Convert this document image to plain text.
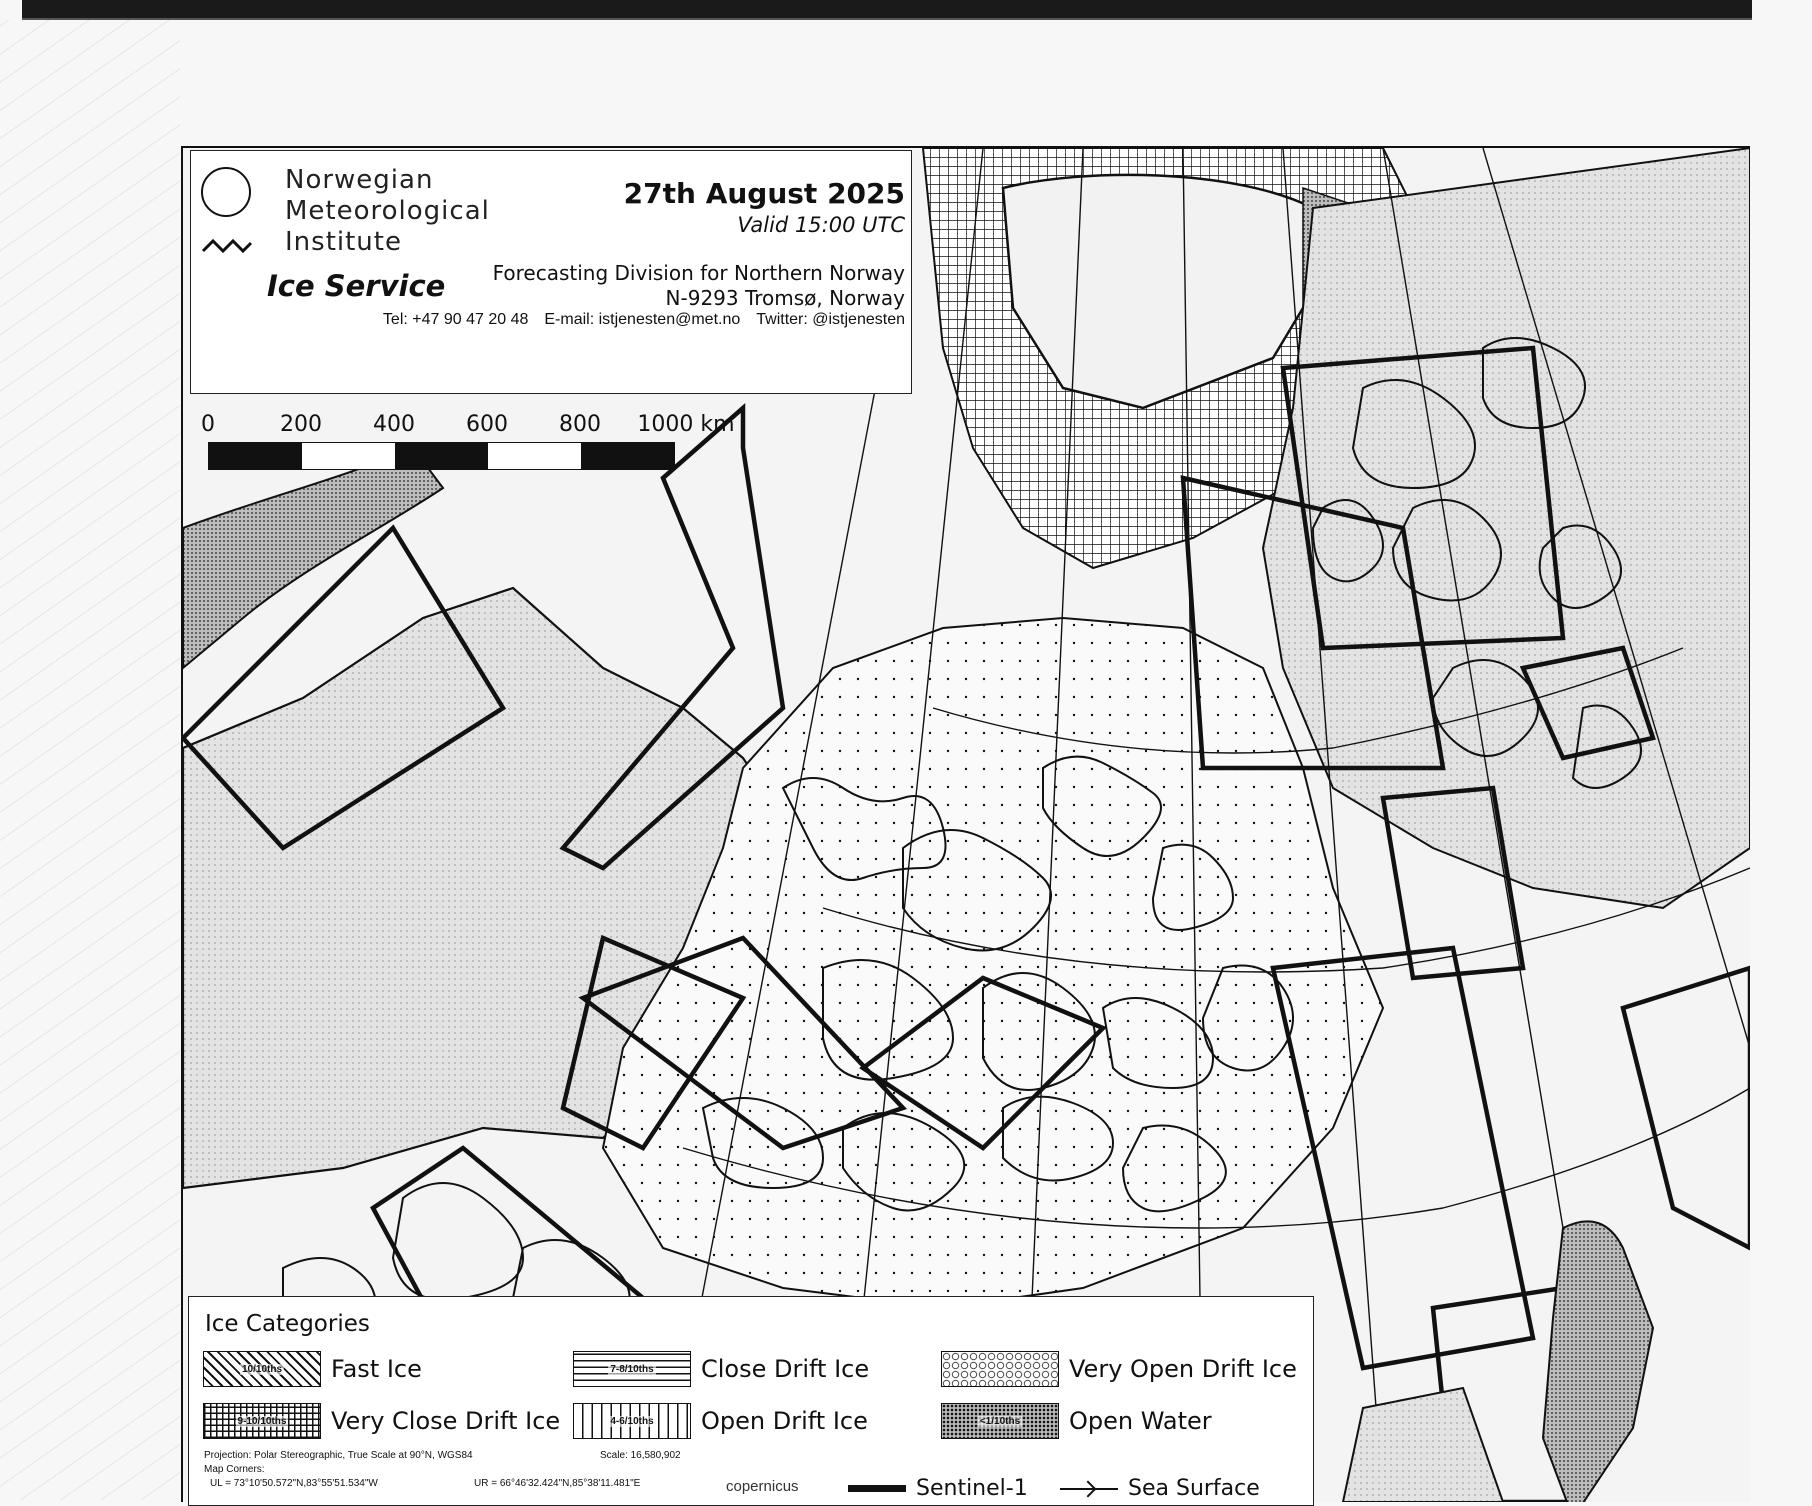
Norwegian
Meteorological
Institute
Ice Service
27th August 2025
Valid 15:00 UTC
Forecasting Division for Northern Norway
N-9293 Tromsø, Norway
Tel: +47 90 47 20 48 E-mail: istjenesten@met.no Twitter: @istjenesten
0	200 400 600 800 1000 km
Ice Categories
10/10ths Fast Ice	7-8/10ths Close Drift Ice	Very Open Drift Ice
9-10/10ths Very Close Drift Ice	4-6/10ths Open Drift Ice	<1/10ths Open Water
Projection: Polar Stereographic, True Scale at 90°N, WGS84	Scale: 16,580,902
Map Corners:
UL = 73°10'50.572"N,83°55'51.534"W	UR = 66°46'32.424"N,85°38'11.481"E	copernicus	Sentinel-1	Sea Surface
